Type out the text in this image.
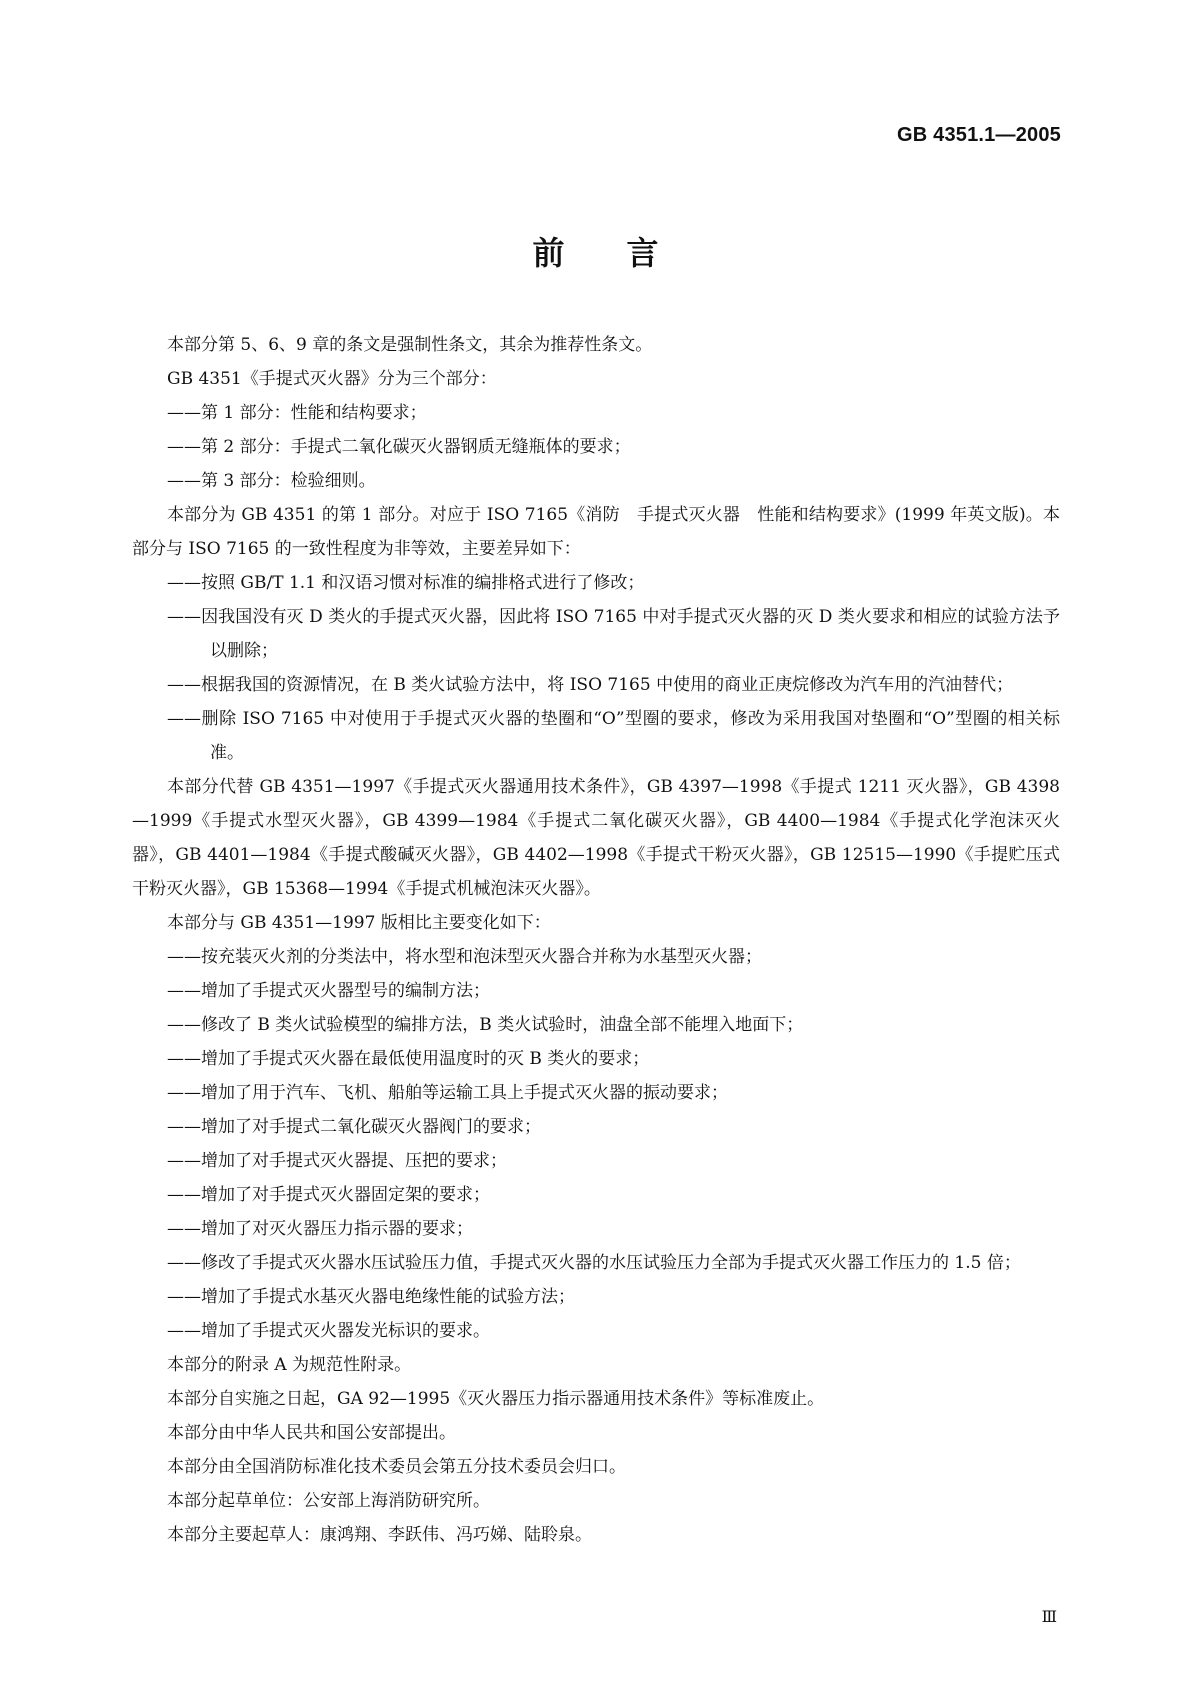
GB 4351.1—2005
前言

本部分第 5、6、9 章的条文是强制性条文，其余为推荐性条文。

GB 4351《手提式灭火器》分为三个部分：

——第 1 部分：性能和结构要求；

——第 2 部分：手提式二氧化碳灭火器钢质无缝瓶体的要求；

——第 3 部分：检验细则。

本部分为 GB 4351 的第 1 部分。对应于 ISO 7165《消防　手提式灭火器　性能和结构要求》(1999 年英文版)。本部分与 ISO 7165 的一致性程度为非等效，主要差异如下：

——按照 GB/T 1.1 和汉语习惯对标准的编排格式进行了修改；

——因我国没有灭 D 类火的手提式灭火器，因此将 ISO 7165 中对手提式灭火器的灭 D 类火要求和相应的试验方法予以删除；

——根据我国的资源情况，在 B 类火试验方法中，将 ISO 7165 中使用的商业正庚烷修改为汽车用的汽油替代；

——删除 ISO 7165 中对使用于手提式灭火器的垫圈和“O”型圈的要求，修改为采用我国对垫圈和“O”型圈的相关标准。

本部分代替 GB 4351—1997《手提式灭火器通用技术条件》，GB 4397—1998《手提式 1211 灭火器》，GB 4398—1999《手提式水型灭火器》，GB 4399—1984《手提式二氧化碳灭火器》，GB 4400—1984《手提式化学泡沫灭火器》，GB 4401—1984《手提式酸碱灭火器》，GB 4402—1998《手提式干粉灭火器》，GB 12515—1990《手提贮压式干粉灭火器》，GB 15368—1994《手提式机械泡沫灭火器》。

本部分与 GB 4351—1997 版相比主要变化如下：

——按充装灭火剂的分类法中，将水型和泡沫型灭火器合并称为水基型灭火器；

——增加了手提式灭火器型号的编制方法；

——修改了 B 类火试验模型的编排方法，B 类火试验时，油盘全部不能埋入地面下；

——增加了手提式灭火器在最低使用温度时的灭 B 类火的要求；

——增加了用于汽车、飞机、船舶等运输工具上手提式灭火器的振动要求；

——增加了对手提式二氧化碳灭火器阀门的要求；

——增加了对手提式灭火器提、压把的要求；

——增加了对手提式灭火器固定架的要求；

——增加了对灭火器压力指示器的要求；

——修改了手提式灭火器水压试验压力值，手提式灭火器的水压试验压力全部为手提式灭火器工作压力的 1.5 倍；

——增加了手提式水基灭火器电绝缘性能的试验方法；

——增加了手提式灭火器发光标识的要求。

本部分的附录 A 为规范性附录。

本部分自实施之日起，GA 92—1995《灭火器压力指示器通用技术条件》等标准废止。

本部分由中华人民共和国公安部提出。

本部分由全国消防标准化技术委员会第五分技术委员会归口。

本部分起草单位：公安部上海消防研究所。

本部分主要起草人：康鸿翔、李跃伟、冯巧娣、陆聆泉。

Ⅲ
